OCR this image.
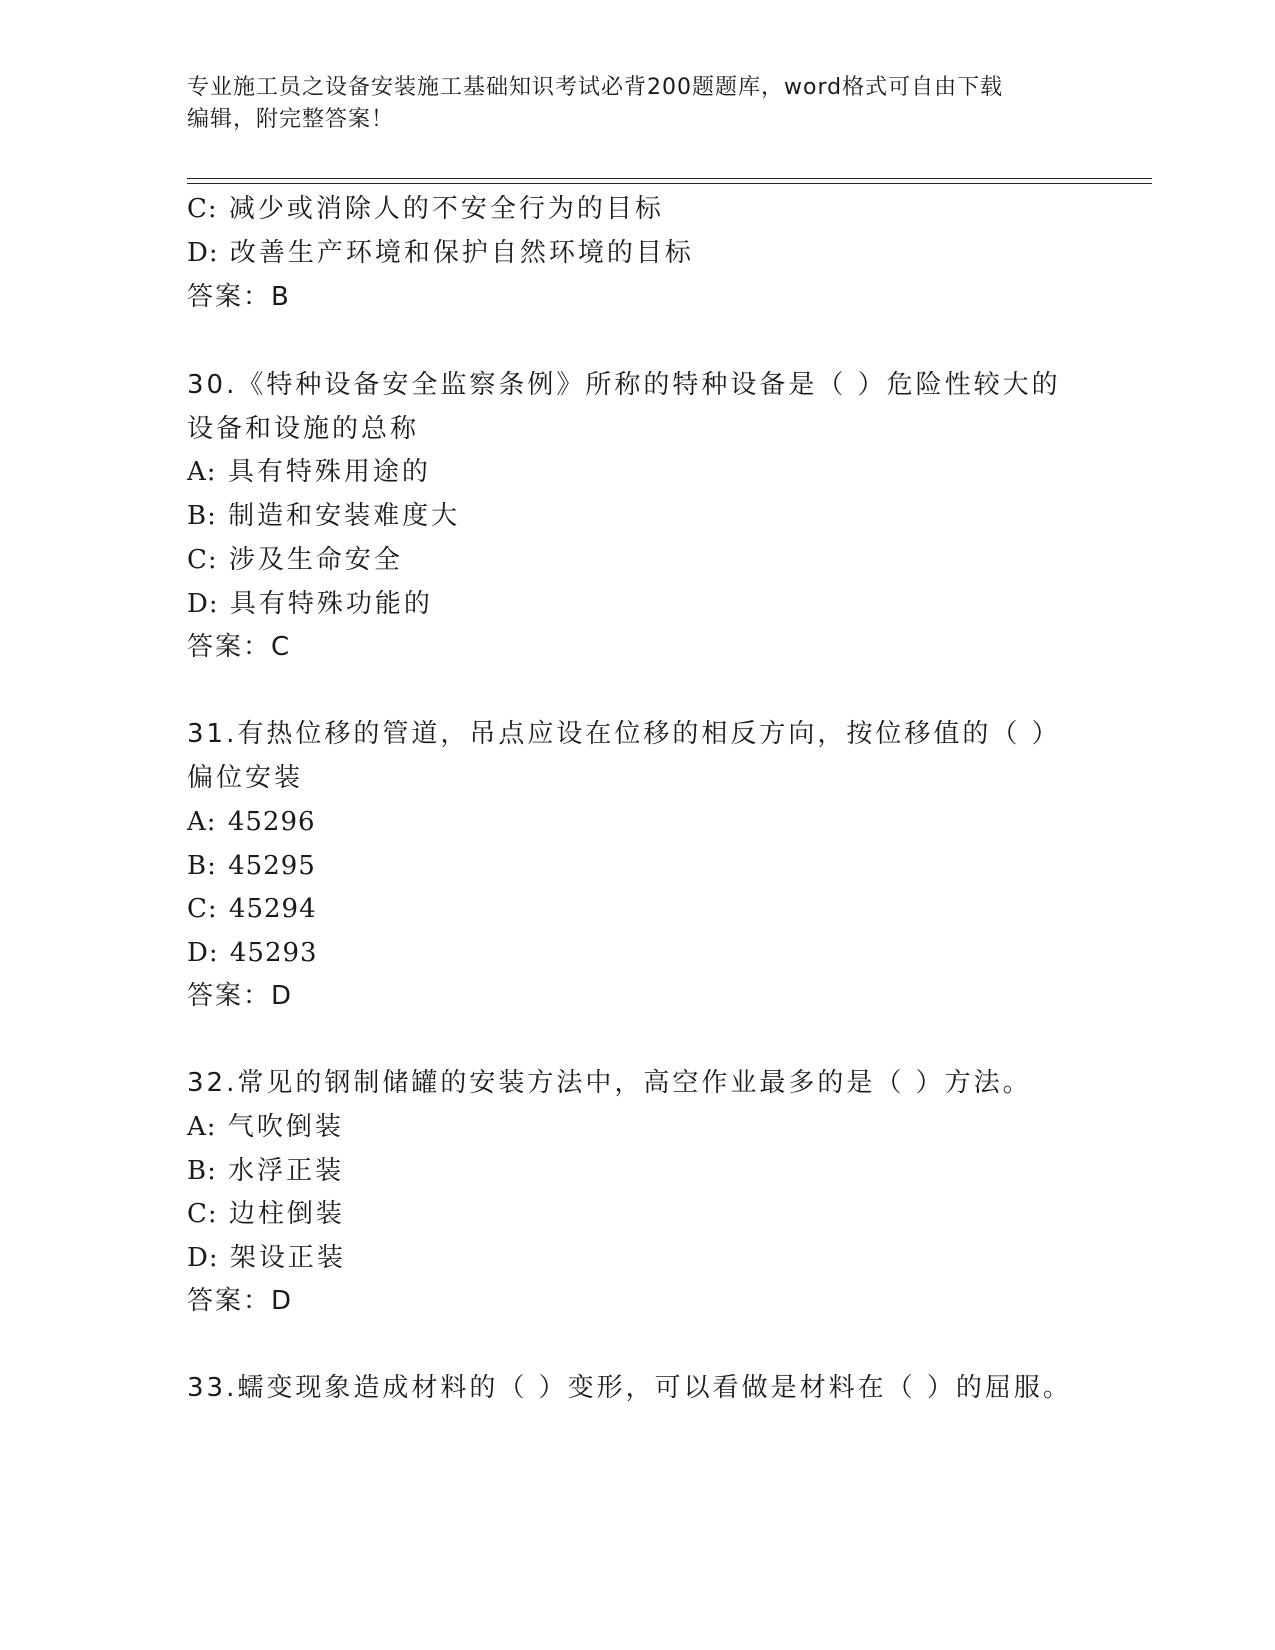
专业施工员之设备安装施工基础知识考试必背200题题库，word格式可自由下载
编辑，附完整答案！
C: 减少或消除人的不安全行为的目标
D: 改善生产环境和保护自然环境的目标
答案：B
30.《特种设备安全监察条例》所称的特种设备是（ ）危险性较大的
设备和设施的总称
A: 具有特殊用途的
B: 制造和安装难度大
C: 涉及生命安全
D: 具有特殊功能的
答案：C
31.有热位移的管道，吊点应设在位移的相反方向，按位移值的（ ）
偏位安装
A: 45296
B: 45295
C: 45294
D: 45293
答案：D
32.常见的钢制储罐的安装方法中，高空作业最多的是（ ）方法。
A: 气吹倒装
B: 水浮正装
C: 边柱倒装
D: 架设正装
答案：D
33.蠕变现象造成材料的（ ）变形，可以看做是材料在（ ）的屈服。
